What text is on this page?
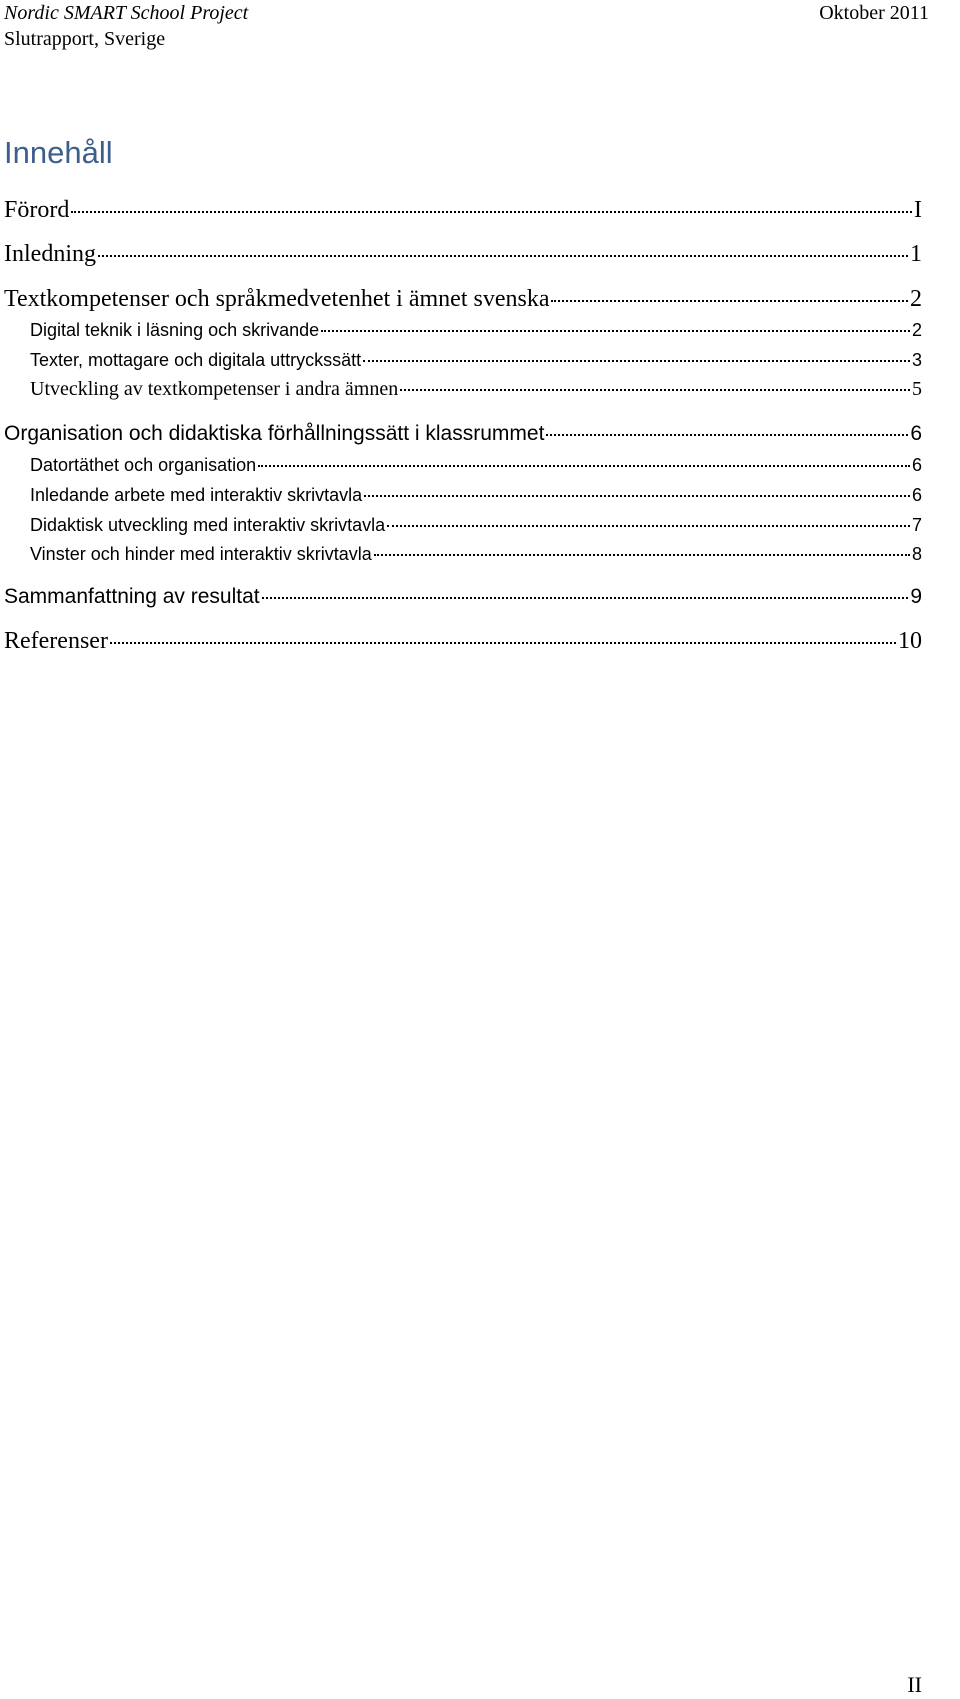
Nordic SMART School Project
Slutrapport, Sverige
Oktober 2011
Innehåll
Förord	I
Inledning	1
Textkompetenser och språkmedvetenhet i ämnet svenska	2
Digital teknik i läsning och skrivande	2
Texter, mottagare och digitala uttryckssätt	3
Utveckling av textkompetenser i andra ämnen	5
Organisation och didaktiska förhållningssätt i klassrummet	6
Datortäthet och organisation	6
Inledande arbete med interaktiv skrivtavla	6
Didaktisk utveckling med interaktiv skrivtavla	7
Vinster och hinder med interaktiv skrivtavla	8
Sammanfattning av resultat	9
Referenser	10
II
